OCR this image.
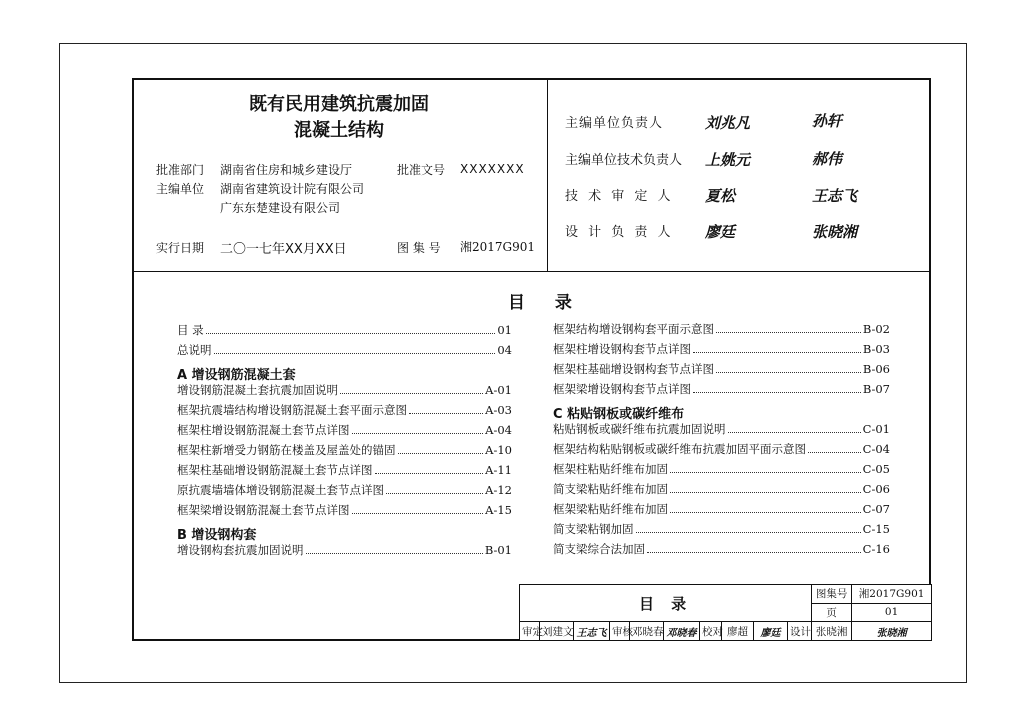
既有民用建筑抗震加固
混凝土结构
批准部门 湖南省住房和城乡建设厅	批准文号 XXXXXXX
主编单位 湖南省建筑设计院有限公司
广东东楚建设有限公司
实行日期 二〇一七年XX月XX日	图 集 号 湘2017G901
主编单位负责人	刘兆凡	孙轩
主编单位技术负责人 上姚元	郝伟
技 术 审 定 人 夏松	王志飞
设 计 负 责 人 廖廷	张晓湘
目 录
目 录	01
总说明	04
A 增设钢筋混凝土套
增设钢筋混凝土套抗震加固说明	A-01
框架抗震墙结构增设钢筋混凝土套平面示意图	A-03
框架柱增设钢筋混凝土套节点详图	A-04
框架柱新增受力钢筋在楼盖及屋盖处的锚固	A-10
框架柱基础增设钢筋混凝土套节点详图	A-11
原抗震墙墙体增设钢筋混凝土套节点详图	A-12
框架梁增设钢筋混凝土套节点详图	A-15
B 增设钢构套
增设钢构套抗震加固说明	B-01
框架结构增设钢构套平面示意图	B-02
框架柱增设钢构套节点详图	B-03
框架柱基础增设钢构套节点详图	B-06
框架梁增设钢构套节点详图	B-07
C 粘贴钢板或碳纤维布
粘贴钢板或碳纤维布抗震加固说明	C-01
框架结构粘贴钢板或碳纤维布抗震加固平面示意图	C-04
框架柱粘贴纤维布加固	C-05
简支梁粘贴纤维布加固	C-06
框架梁粘贴纤维布加固	C-07
简支梁粘钢加固	C-15
简支梁综合法加固	C-16
目 录										图集号	湘2017G901
										页	01
审定	刘建文	王志飞	审核	邓晓春	邓晓春	校对	廖超	廖廷	设计	张晓湘	张晓湘
